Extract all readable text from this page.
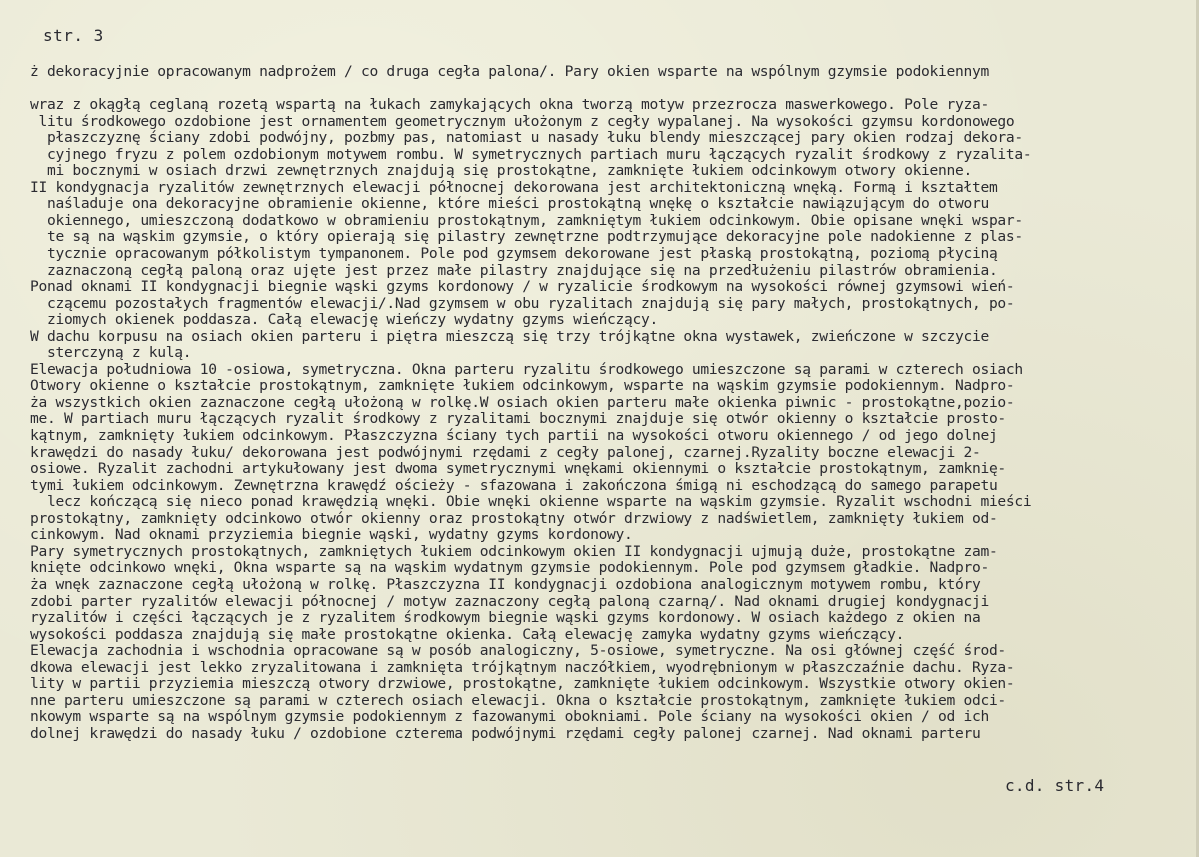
str. 3
ż dekoracyjnie opracowanym nadprożem / co druga cegła palona/. Pary okien wsparte na wspólnym gzymsie podokiennym
wraz z okągłą ceglaną rozetą wspartą na łukach zamykających okna tworzą motyw przezrocza maswerkowego. Pole ryza-
litu środkowego ozdobione jest ornamentem geometrycznym ułożonym z cegły wypalanej. Na wysokości gzymsu kordonowego
płaszczyznę ściany zdobi podwójny, pozbmy pas, natomiast u nasady łuku blendy mieszczącej pary okien rodzaj dekora-
cyjnego fryzu z polem ozdobionym motywem rombu. W symetrycznych partiach muru łączących ryzalit środkowy z ryzalita-
mi bocznymi w osiach drzwi zewnętrznych znajdują się prostokątne, zamknięte łukiem odcinkowym otwory okienne.
II kondygnacja ryzalitów zewnętrznych elewacji północnej dekorowana jest architektoniczną wnęką. Formą i kształtem
naśladuje ona dekoracyjne obramienie okienne, które mieści prostokątną wnękę o kształcie nawiązującym do otworu
okiennego, umieszczoną dodatkowo w obramieniu prostokątnym, zamkniętym łukiem odcinkowym. Obie opisane wnęki wspar-
te są na wąskim gzymsie, o który opierają się pilastry zewnętrzne podtrzymujące dekoracyjne pole nadokienne z plas-
tycznie opracowanym półkolistym tympanonem. Pole pod gzymsem dekorowane jest płaską prostokątną, poziomą płyciną
zaznaczoną cegłą paloną oraz ujęte jest przez małe pilastry znajdujące się na przedłużeniu pilastrów obramienia.
Ponad oknami II kondygnacji biegnie wąski gzyms kordonowy / w ryzalicie środkowym na wysokości równej gzymsowi wień-
czącemu pozostałych fragmentów elewacji/.Nad gzymsem w obu ryzalitach znajdują się pary małych, prostokątnych, po-
ziomych okienek poddasza. Całą elewację wieńczy wydatny gzyms wieńczący.
W dachu korpusu na osiach okien parteru i piętra mieszczą się trzy trójkątne okna wystawek, zwieńczone w szczycie
sterczyną z kulą.
Elewacja południowa 10 -osiowa, symetryczna. Okna parteru ryzalitu środkowego umieszczone są parami w czterech osiach
Otwory okienne o kształcie prostokątnym, zamknięte łukiem odcinkowym, wsparte na wąskim gzymsie podokiennym. Nadpro-
ża wszystkich okien zaznaczone cegłą ułożoną w rolkę.W osiach okien parteru małe okienka piwnic - prostokątne,pozio-
me. W partiach muru łączących ryzalit środkowy z ryzalitami bocznymi znajduje się otwór okienny o kształcie prosto-
kątnym, zamknięty łukiem odcinkowym. Płaszczyzna ściany tych partii na wysokości otworu okiennego / od jego dolnej
krawędzi do nasady łuku/ dekorowana jest podwójnymi rzędami z cegły palonej, czarnej.Ryzality boczne elewacji 2-
osiowe. Ryzalit zachodni artykułowany jest dwoma symetrycznymi wnękami okiennymi o kształcie prostokątnym, zamknię-
tymi łukiem odcinkowym. Zewnętrzna krawędź ościeży - sfazowana i zakończona śmigą ni eschodzącą do samego parapetu
lecz kończącą się nieco ponad krawędzią wnęki. Obie wnęki okienne wsparte na wąskim gzymsie. Ryzalit wschodni mieści
prostokątny, zamknięty odcinkowo otwór okienny oraz prostokątny otwór drzwiowy z nadświetlem, zamknięty łukiem od-
cinkowym. Nad oknami przyziemia biegnie wąski, wydatny gzyms kordonowy.
Pary symetrycznych prostokątnych, zamkniętych łukiem odcinkowym okien II kondygnacji ujmują duże, prostokątne zam-
knięte odcinkowo wnęki, Okna wsparte są na wąskim wydatnym gzymsie podokiennym. Pole pod gzymsem gładkie. Nadpro-
ża wnęk zaznaczone cegłą ułożoną w rolkę. Płaszczyzna II kondygnacji ozdobiona analogicznym motywem rombu, który
zdobi parter ryzalitów elewacji północnej / motyw zaznaczony cegłą paloną czarną/. Nad oknami drugiej kondygnacji
ryzalitów i części łączących je z ryzalitem środkowym biegnie wąski gzyms kordonowy. W osiach każdego z okien na
wysokości poddasza znajdują się małe prostokątne okienka. Całą elewację zamyka wydatny gzyms wieńczący.
Elewacja zachodnia i wschodnia opracowane są w posób analogiczny, 5-osiowe, symetryczne. Na osi głównej część środ-
dkowa elewacji jest lekko zryzalitowana i zamknięta trójkątnym naczółkiem, wyodrębnionym w płaszczaźnie dachu. Ryza-
lity w partii przyziemia mieszczą otwory drzwiowe, prostokątne, zamknięte łukiem odcinkowym. Wszystkie otwory okien-
nne parteru umieszczone są parami w czterech osiach elewacji. Okna o kształcie prostokątnym, zamknięte łukiem odci-
nkowym wsparte są na wspólnym gzymsie podokiennym z fazowanymi obokniami. Pole ściany na wysokości okien / od ich
dolnej krawędzi do nasady łuku / ozdobione czterema podwójnymi rzędami cegły palonej czarnej. Nad oknami parteru
c.d. str.4
